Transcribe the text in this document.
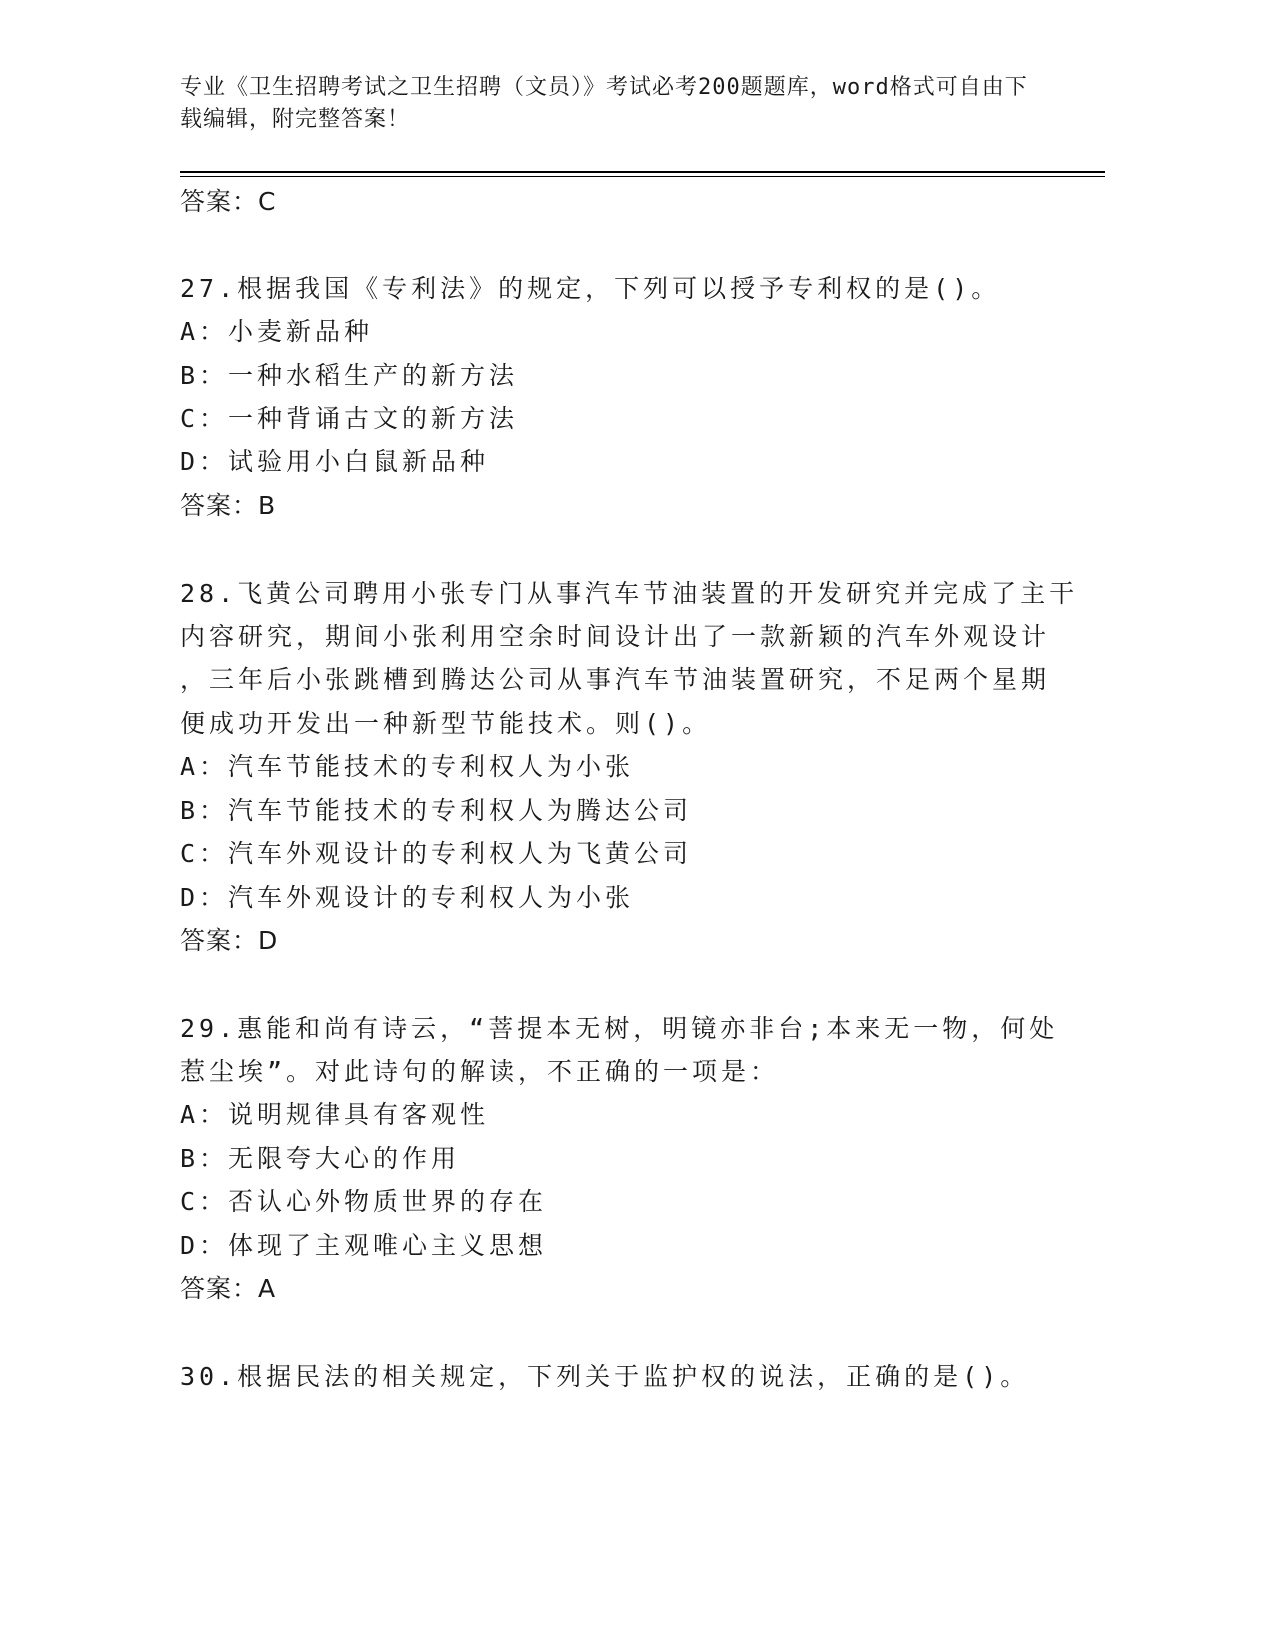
专业《卫生招聘考试之卫生招聘（文员）》考试必考200题题库，word格式可自由下载编辑，附完整答案！
答案：C
27.根据我国《专利法》的规定，下列可以授予专利权的是()。
A：小麦新品种
B：一种水稻生产的新方法
C：一种背诵古文的新方法
D：试验用小白鼠新品种
答案：B
28.飞黄公司聘用小张专门从事汽车节油装置的开发研究并完成了主干
内容研究，期间小张利用空余时间设计出了一款新颖的汽车外观设计
，三年后小张跳槽到腾达公司从事汽车节油装置研究，不足两个星期
便成功开发出一种新型节能技术。则()。
A：汽车节能技术的专利权人为小张
B：汽车节能技术的专利权人为腾达公司
C：汽车外观设计的专利权人为飞黄公司
D：汽车外观设计的专利权人为小张
答案：D
29.惠能和尚有诗云，“菩提本无树，明镜亦非台;本来无一物，何处
惹尘埃”。对此诗句的解读，不正确的一项是：
A：说明规律具有客观性
B：无限夸大心的作用
C：否认心外物质世界的存在
D：体现了主观唯心主义思想
答案：A
30.根据民法的相关规定，下列关于监护权的说法，正确的是()。
